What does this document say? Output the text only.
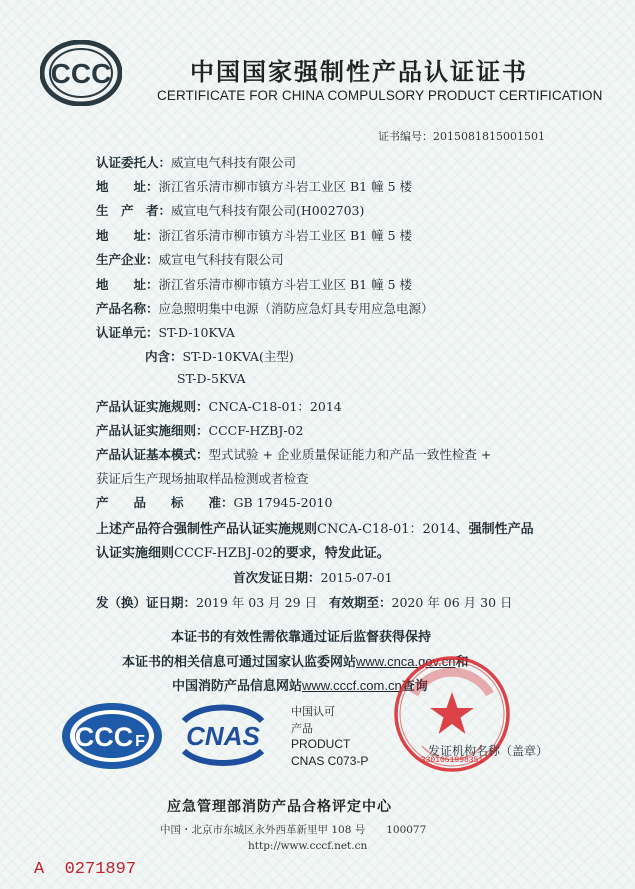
CCC	中国国家强制性产品认证证书
CERTIFICATE FOR CHINA COMPULSORY PRODUCT CERTIFICATION
证书编号：2015081815001501
认证委托人：威宣电气科技有限公司
地　　址：浙江省乐清市柳市镇方斗岩工业区 B1 幢 5 楼
生　产　者：威宣电气科技有限公司(H002703)
地　　址：浙江省乐清市柳市镇方斗岩工业区 B1 幢 5 楼
生产企业：威宣电气科技有限公司
地　　址：浙江省乐清市柳市镇方斗岩工业区 B1 幢 5 楼
产品名称：应急照明集中电源（消防应急灯具专用应急电源）
认证单元：ST-D-10KVA
内含：ST-D-10KVA(主型)
ST-D-5KVA
产品认证实施规则：CNCA-C18-01：2014
产品认证实施细则：CCCF-HZBJ-02
产品认证基本模式：型式试验 + 企业质量保证能力和产品一致性检查 +
获证后生产现场抽取样品检测或者检查
产　　品　　标　　准：GB 17945-2010
上述产品符合强制性产品认证实施规则CNCA-C18-01：2014、强制性产品
认证实施细则CCCF-HZBJ-02的要求，特发此证。
首次发证日期：2015-07-01
发（换）证日期：2019 年 03 月 29 日 有效期至：2020 年 06 月 30 日
本证书的有效性需依靠通过证后监督获得保持
本证书的相关信息可通过国家认监委网站www.cnca.gov.cn和
中国消防产品信息网站www.cccf.com.cn查询
CCC F CNAS
中国认可
产品
PRODUCT
CNAS C073-P	3301051998351
发证机构名称（盖章）
应急管理部消防产品合格评定中心
中国・北京市东城区永外西革新里甲 108 号　　100077
http://www.cccf.net.cn
A 0271897
